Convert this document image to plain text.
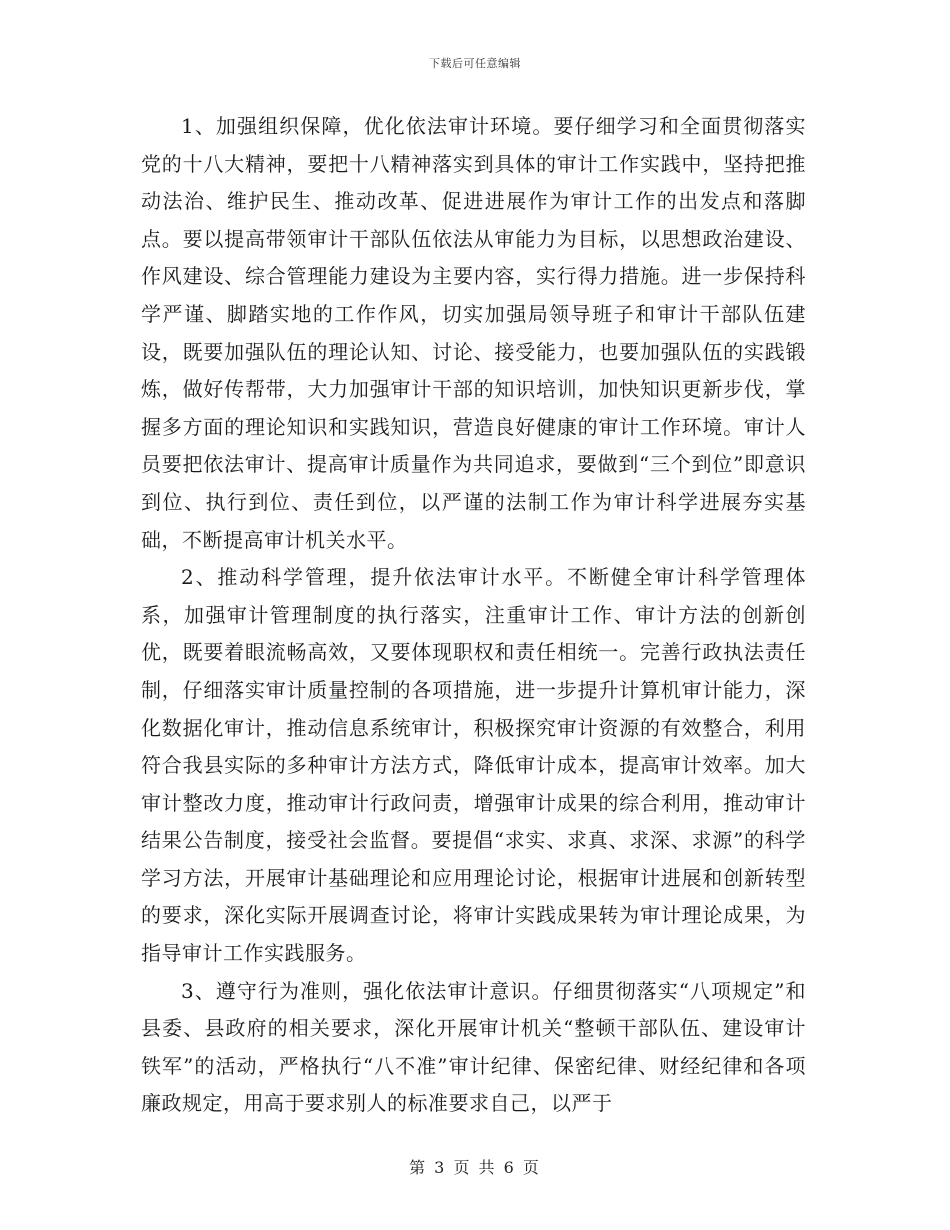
下载后可任意编辑

1、加强组织保障，优化依法审计环境。要仔细学习和全面贯彻落实党的十八大精神，要把十八精神落实到具体的审计工作实践中，坚持把推动法治、维护民生、推动改革、促进进展作为审计工作的出发点和落脚点。要以提高带领审计干部队伍依法从审能力为目标，以思想政治建设、作风建设、综合管理能力建设为主要内容，实行得力措施。进一步保持科学严谨、脚踏实地的工作作风，切实加强局领导班子和审计干部队伍建设，既要加强队伍的理论认知、讨论、接受能力，也要加强队伍的实践锻炼，做好传帮带，大力加强审计干部的知识培训，加快知识更新步伐，掌握多方面的理论知识和实践知识，营造良好健康的审计工作环境。审计人员要把依法审计、提高审计质量作为共同追求，要做到“三个到位”即意识到位、执行到位、责任到位，以严谨的法制工作为审计科学进展夯实基础，不断提高审计机关水平。

2、推动科学管理，提升依法审计水平。不断健全审计科学管理体系，加强审计管理制度的执行落实，注重审计工作、审计方法的创新创优，既要着眼流畅高效，又要体现职权和责任相统一。完善行政执法责任制，仔细落实审计质量控制的各项措施，进一步提升计算机审计能力，深化数据化审计，推动信息系统审计，积极探究审计资源的有效整合，利用符合我县实际的多种审计方法方式，降低审计成本，提高审计效率。加大审计整改力度，推动审计行政问责，增强审计成果的综合利用，推动审计结果公告制度，接受社会监督。要提倡“求实、求真、求深、求源”的科学学习方法，开展审计基础理论和应用理论讨论，根据审计进展和创新转型的要求，深化实际开展调查讨论，将审计实践成果转为审计理论成果，为指导审计工作实践服务。

3、遵守行为准则，强化依法审计意识。仔细贯彻落实“八项规定”和县委、县政府的相关要求，深化开展审计机关“整顿干部队伍、建设审计铁军”的活动，严格执行“八不准”审计纪律、保密纪律、财经纪律和各项廉政规定，用高于要求别人的标准要求自己，以严于

第 3 页 共 6 页
